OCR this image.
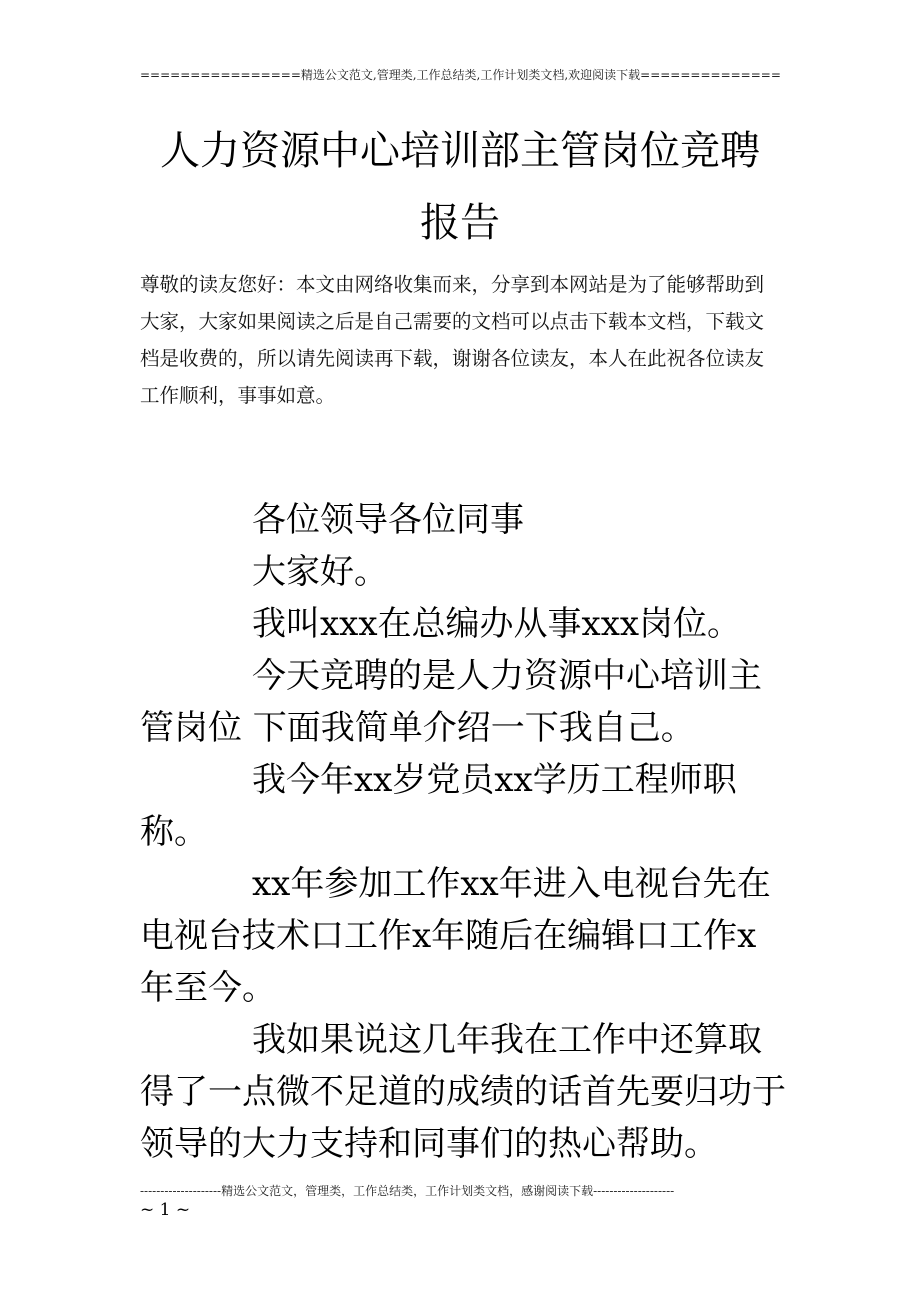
================精选公文范文,管理类,工作总结类,工作计划类文档,欢迎阅读下载==============
人力资源中心培训部主管岗位竞聘
报告
尊敬的读友您好：本文由网络收集而来，分享到本网站是为了能够帮助到大家，大家如果阅读之后是自己需要的文档可以点击下载本文档，下载文档是收费的，所以请先阅读再下载，谢谢各位读友，本人在此祝各位读友工作顺利，事事如意。

各位领导各位同事

大家好。

我叫xxx在总编办从事xxx岗位。

今天竞聘的是人力资源中心培训主管岗位 下面我简单介绍一下我自己。

我今年xx岁党员xx学历工程师职称。

xx年参加工作xx年进入电视台先在电视台技术口工作x年随后在编辑口工作x年至今。

我如果说这几年我在工作中还算取得了一点微不足道的成绩的话首先要归功于领导的大力支持和同事们的热心帮助。

--------------------精选公文范文，管理类，工作总结类，工作计划类文档，感谢阅读下载--------------------
~ 1 ~
